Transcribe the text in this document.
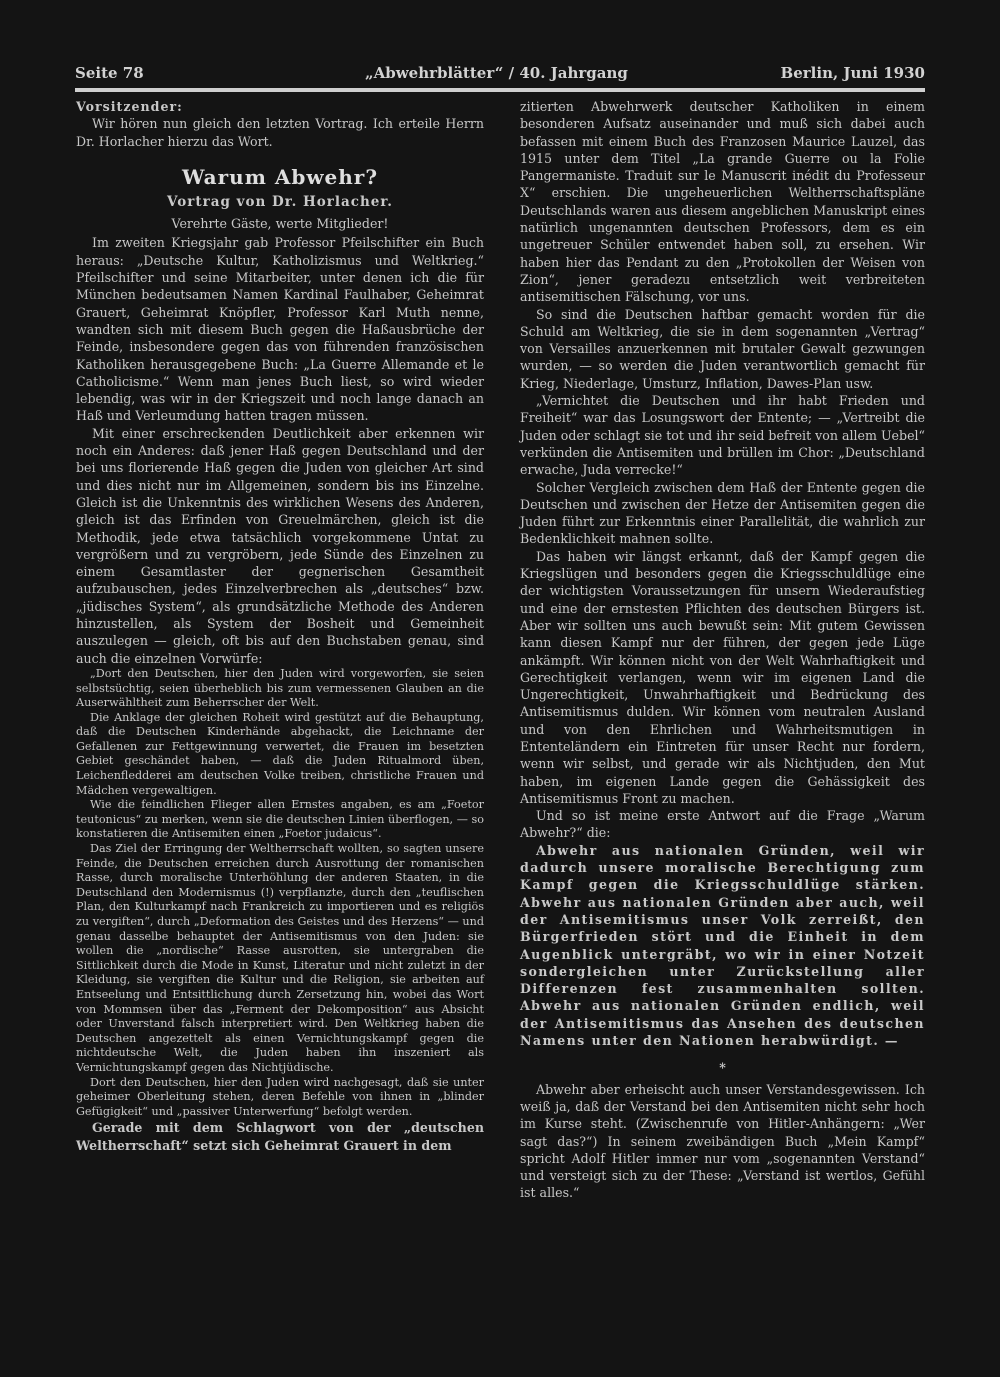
Seite 78	„Abwehrblätter“ / 40. Jahrgang	Berlin, Juni 1930

Vorsitzender:

Wir hören nun gleich den letzten Vortrag. Ich erteile Herrn Dr. Horlacher hierzu das Wort.

Warum Abwehr?
Vortrag von Dr. Horlacher.
Verehrte Gäste, werte Mitglieder!

Im zweiten Kriegsjahr gab Professor Pfeilschifter ein Buch heraus: „Deutsche Kultur, Katholizismus und Weltkrieg.“ Pfeilschifter und seine Mitarbeiter, unter denen ich die für München bedeutsamen Namen Kardinal Faulhaber, Geheimrat Grauert, Geheimrat Knöpfler, Professor Karl Muth nenne, wandten sich mit diesem Buch gegen die Haßausbrüche der Feinde, insbesondere gegen das von führenden französischen Katholiken herausgegebene Buch: „La Guerre Allemande et le Catholicisme.“ Wenn man jenes Buch liest, so wird wieder lebendig, was wir in der Kriegszeit und noch lange danach an Haß und Verleumdung hatten tragen müssen.

Mit einer erschreckenden Deutlichkeit aber erkennen wir noch ein Anderes: daß jener Haß gegen Deutschland und der bei uns florierende Haß gegen die Juden von gleicher Art sind und dies nicht nur im Allgemeinen, sondern bis ins Einzelne. Gleich ist die Unkenntnis des wirklichen Wesens des Anderen, gleich ist das Erfinden von Greuelmärchen, gleich ist die Methodik, jede etwa tatsächlich vorgekommene Untat zu vergrößern und zu vergröbern, jede Sünde des Einzelnen zu einem Gesamtlaster der gegnerischen Gesamtheit aufzubauschen, jedes Einzelverbrechen als „deutsches“ bzw. „jüdisches System“, als grundsätzliche Methode des Anderen hinzustellen, als System der Bosheit und Gemeinheit auszulegen — gleich, oft bis auf den Buchstaben genau, sind auch die einzelnen Vorwürfe:

„Dort den Deutschen, hier den Juden wird vorgeworfen, sie seien selbstsüchtig, seien überheblich bis zum vermessenen Glauben an die Auserwähltheit zum Beherrscher der Welt.

Die Anklage der gleichen Roheit wird gestützt auf die Behauptung, daß die Deutschen Kinderhände abgehackt, die Leichname der Gefallenen zur Fettgewinnung verwertet, die Frauen im besetzten Gebiet geschändet haben, — daß die Juden Ritualmord üben, Leichenfledderei am deutschen Volke treiben, christliche Frauen und Mädchen vergewaltigen.

Wie die feindlichen Flieger allen Ernstes angaben, es am „Foetor teutonicus“ zu merken, wenn sie die deutschen Linien überflogen, — so konstatieren die Antisemiten einen „Foetor judaicus“.

Das Ziel der Erringung der Weltherrschaft wollten, so sagten unsere Feinde, die Deutschen erreichen durch Ausrottung der romanischen Rasse, durch moralische Unterhöhlung der anderen Staaten, in die Deutschland den Modernismus (!) verpflanzte, durch den „teuflischen Plan, den Kulturkampf nach Frankreich zu importieren und es religiös zu vergiften“, durch „Deformation des Geistes und des Herzens“ — und genau dasselbe behauptet der Antisemitismus von den Juden: sie wollen die „nordische“ Rasse ausrotten, sie untergraben die Sittlichkeit durch die Mode in Kunst, Literatur und nicht zuletzt in der Kleidung, sie vergiften die Kultur und die Religion, sie arbeiten auf Entseelung und Entsittlichung durch Zersetzung hin, wobei das Wort von Mommsen über das „Ferment der Dekomposition“ aus Absicht oder Unverstand falsch interpretiert wird. Den Weltkrieg haben die Deutschen angezettelt als einen Vernichtungskampf gegen die nichtdeutsche Welt, die Juden haben ihn inszeniert als Vernichtungskampf gegen das Nichtjüdische.

Dort den Deutschen, hier den Juden wird nachgesagt, daß sie unter geheimer Oberleitung stehen, deren Befehle von ihnen in „blinder Gefügigkeit“ und „passiver Unterwerfung“ befolgt werden.

Gerade mit dem Schlagwort von der „deutschen Weltherrschaft“ setzt sich Geheimrat Grauert in dem

zitierten Abwehrwerk deutscher Katholiken in einem besonderen Aufsatz auseinander und muß sich dabei auch befassen mit einem Buch des Franzosen Maurice Lauzel, das 1915 unter dem Titel „La grande Guerre ou la Folie Pangermaniste. Traduit sur le Manuscrit inédit du Professeur X“ erschien. Die ungeheuerlichen Weltherrschaftspläne Deutschlands waren aus diesem angeblichen Manuskript eines natürlich ungenannten deutschen Professors, dem es ein ungetreuer Schüler entwendet haben soll, zu ersehen. Wir haben hier das Pendant zu den „Protokollen der Weisen von Zion“, jener geradezu entsetzlich weit verbreiteten antisemitischen Fälschung, vor uns.

So sind die Deutschen haftbar gemacht worden für die Schuld am Weltkrieg, die sie in dem sogenannten „Vertrag“ von Versailles anzuerkennen mit brutaler Gewalt gezwungen wurden, — so werden die Juden verantwortlich gemacht für Krieg, Niederlage, Umsturz, Inflation, Dawes-Plan usw.

„Vernichtet die Deutschen und ihr habt Frieden und Freiheit“ war das Losungswort der Entente; — „Vertreibt die Juden oder schlagt sie tot und ihr seid befreit von allem Uebel“ verkünden die Antisemiten und brüllen im Chor: „Deutschland erwache, Juda verrecke!“

Solcher Vergleich zwischen dem Haß der Entente gegen die Deutschen und zwischen der Hetze der Antisemiten gegen die Juden führt zur Erkenntnis einer Parallelität, die wahrlich zur Bedenklichkeit mahnen sollte.

Das haben wir längst erkannt, daß der Kampf gegen die Kriegslügen und besonders gegen die Kriegsschuldlüge eine der wichtigsten Voraussetzungen für unsern Wiederaufstieg und eine der ernstesten Pflichten des deutschen Bürgers ist. Aber wir sollten uns auch bewußt sein: Mit gutem Gewissen kann diesen Kampf nur der führen, der gegen jede Lüge ankämpft. Wir können nicht von der Welt Wahrhaftigkeit und Gerechtigkeit verlangen, wenn wir im eigenen Land die Ungerechtigkeit, Unwahrhaftigkeit und Bedrückung des Antisemitismus dulden. Wir können vom neutralen Ausland und von den Ehrlichen und Wahrheitsmutigen in Ententeländern ein Eintreten für unser Recht nur fordern, wenn wir selbst, und gerade wir als Nichtjuden, den Mut haben, im eigenen Lande gegen die Gehässigkeit des Antisemitismus Front zu machen.

Und so ist meine erste Antwort auf die Frage „Warum Abwehr?“ die:

Abwehr aus nationalen Gründen, weil wir dadurch unsere moralische Berechtigung zum Kampf gegen die Kriegsschuldlüge stärken. Abwehr aus nationalen Gründen aber auch, weil der Antisemitismus unser Volk zerreißt, den Bürgerfrieden stört und die Einheit in dem Augenblick untergräbt, wo wir in einer Notzeit sondergleichen unter Zurückstellung aller Differenzen fest zusammenhalten sollten. Abwehr aus nationalen Gründen endlich, weil der Antisemitismus das Ansehen des deutschen Namens unter den Nationen herabwürdigt. —

*

Abwehr aber erheischt auch unser Verstandesgewissen. Ich weiß ja, daß der Verstand bei den Antisemiten nicht sehr hoch im Kurse steht. (Zwischenrufe von Hitler-Anhängern: „Wer sagt das?“) In seinem zweibändigen Buch „Mein Kampf“ spricht Adolf Hitler immer nur vom „sogenannten Verstand“ und versteigt sich zu der These: „Verstand ist wertlos, Gefühl ist alles.“
